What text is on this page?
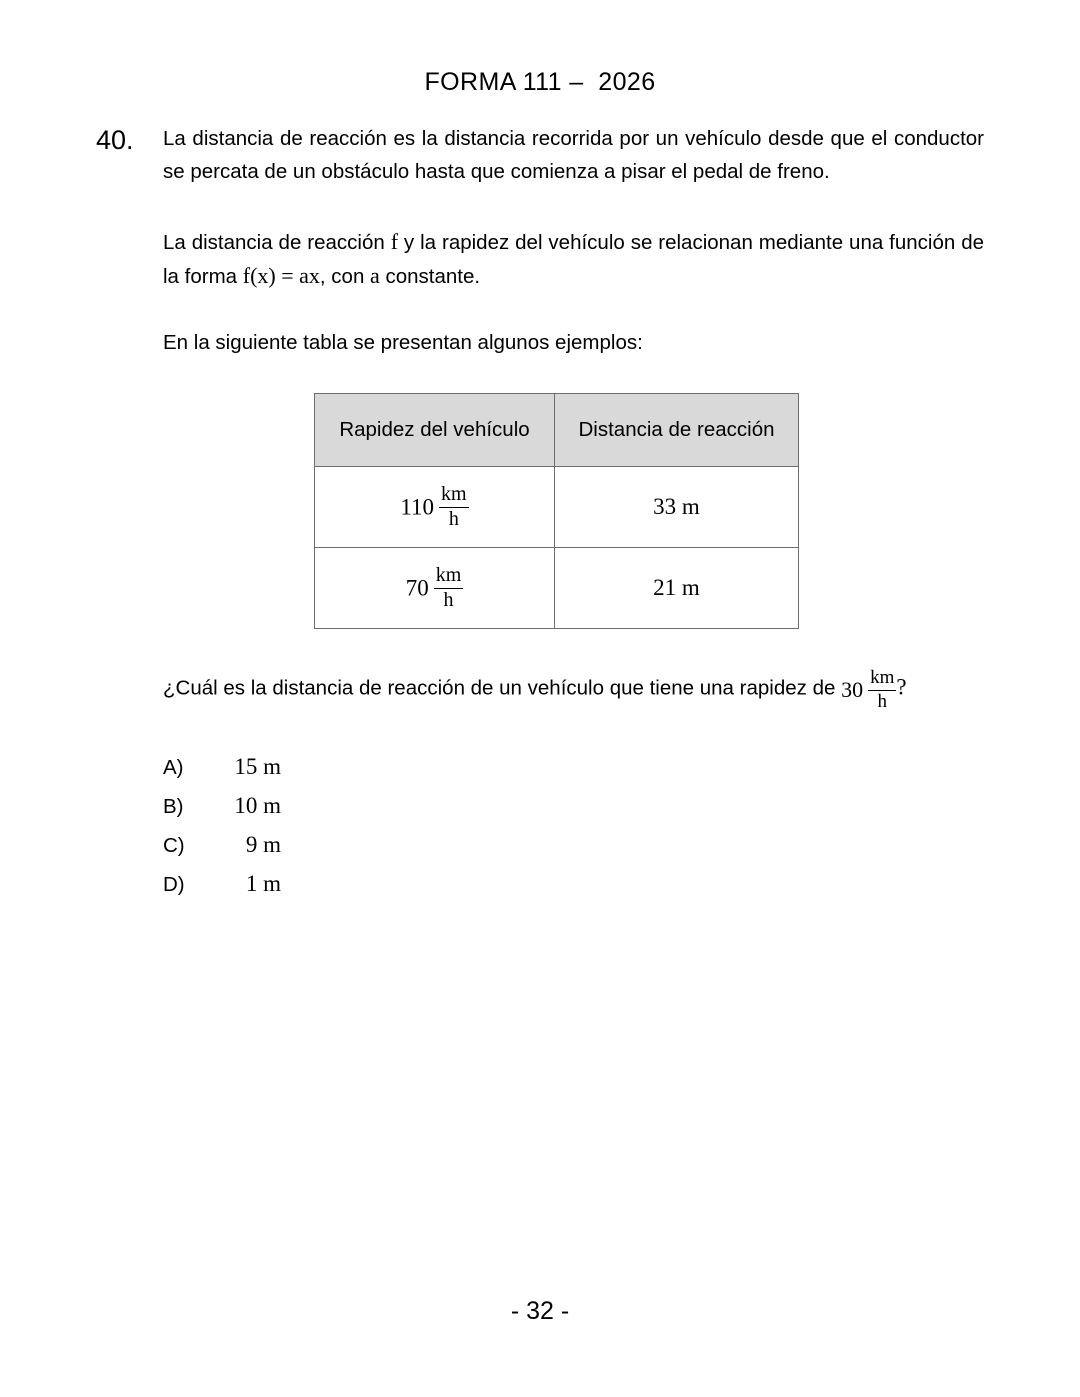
FORMA 111 –  2026
40.	La distancia de reacción es la distancia recorrida por un vehículo desde que el conductor se percata de un obstáculo hasta que comienza a pisar el pedal de freno.

La distancia de reacción f y la rapidez del vehículo se relacionan mediante una función de la forma f(x) = ax, con a constante.

En la siguiente tabla se presentan algunos ejemplos:

Rapidez del vehículo	Distancia de reacción
$110 \frac{km}{h}$	33 m
$70 \frac{km}{h}$	21 m
¿Cuál es la distancia de reacción de un vehículo que tiene una rapidez de $30 \frac{km}{h}$ ?
A)	15 m
B)	10 m
C)	9 m
D)	1 m
- 32 -
